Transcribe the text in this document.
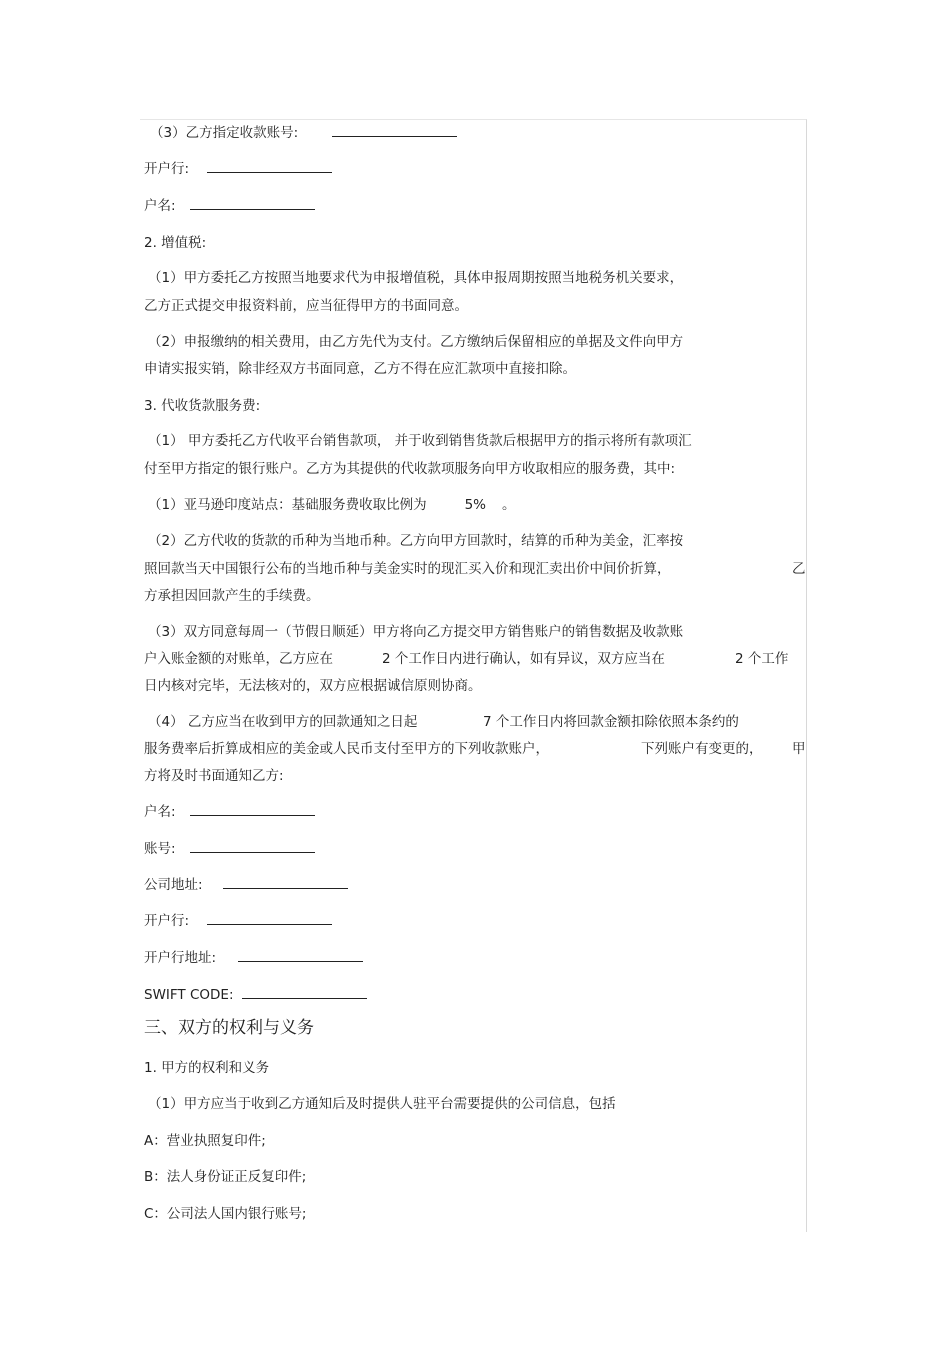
（3）乙方指定收款账号:
开户行:
户名:
2. 增值税:
（1）甲方委托乙方按照当地要求代为申报增值税，具体申报周期按照当地税务机关要求，
乙方正式提交申报资料前，应当征得甲方的书面同意。
（2）申报缴纳的相关费用，由乙方先代为支付。乙方缴纳后保留相应的单据及文件向甲方
申请实报实销，除非经双方书面同意，乙方不得在应汇款项中直接扣除。
3. 代收货款服务费:
（1） 甲方委托乙方代收平台销售款项， 并于收到销售货款后根据甲方的指示将所有款项汇
付至甲方指定的银行账户。乙方为其提供的代收款项服务向甲方收取相应的服务费，其中:
（1）亚马逊印度站点：基础服务费收取比例为	5% 。
（2）乙方代收的货款的币种为当地币种。乙方向甲方回款时，结算的币种为美金，汇率按
照回款当天中国银行公布的当地币种与美金实时的现汇买入价和现汇卖出价中间价折算，	乙
方承担因回款产生的手续费。
（3）双方同意每周一（节假日顺延）甲方将向乙方提交甲方销售账户的销售数据及收款账
户入账金额的对账单，乙方应在	2 个工作日内进行确认，如有异议，双方应当在	2 个工作
日内核对完毕，无法核对的，双方应根据诚信原则协商。
（4） 乙方应当在收到甲方的回款通知之日起	7 个工作日内将回款金额扣除依照本条约的
服务费率后折算成相应的美金或人民币支付至甲方的下列收款账户，	下列账户有变更的， 甲
方将及时书面通知乙方:
户名:
账号:
公司地址:
开户行:
开户行地址:
SWIFT CODE:
三、双方的权利与义务
1. 甲方的权利和义务
（1）甲方应当于收到乙方通知后及时提供人驻平台需要提供的公司信息，包括
A：营业执照复印件;
B：法人身份证正反复印件;
C：公司法人国内银行账号;
